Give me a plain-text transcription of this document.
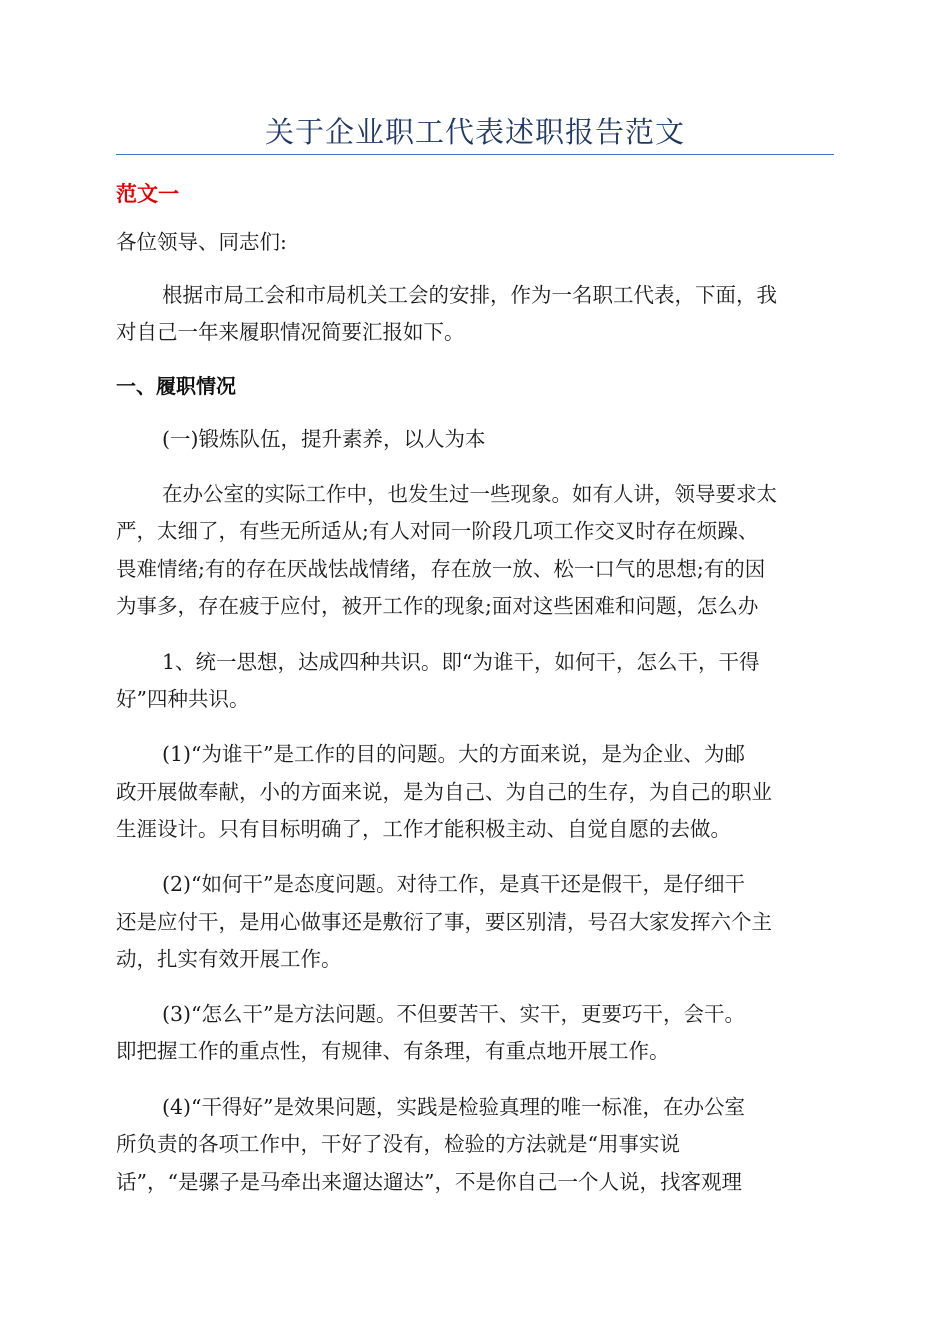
关于企业职工代表述职报告范文
范文一
各位领导、同志们:
根据市局工会和市局机关工会的安排，作为一名职工代表，下面，我
对自己一年来履职情况简要汇报如下。
一、履职情况
(一)锻炼队伍，提升素养，以人为本
在办公室的实际工作中，也发生过一些现象。如有人讲，领导要求太
严，太细了，有些无所适从;有人对同一阶段几项工作交叉时存在烦躁、
畏难情绪;有的存在厌战怯战情绪，存在放一放、松一口气的思想;有的因
为事多，存在疲于应付，被开工作的现象;面对这些困难和问题，怎么办
1、统一思想，达成四种共识。即“为谁干，如何干，怎么干，干得
好”四种共识。
(1)“为谁干”是工作的目的问题。大的方面来说，是为企业、为邮
政开展做奉献，小的方面来说，是为自己、为自己的生存，为自己的职业
生涯设计。只有目标明确了，工作才能积极主动、自觉自愿的去做。
(2)“如何干”是态度问题。对待工作，是真干还是假干，是仔细干
还是应付干，是用心做事还是敷衍了事，要区别清，号召大家发挥六个主
动，扎实有效开展工作。
(3)“怎么干”是方法问题。不但要苦干、实干，更要巧干，会干。
即把握工作的重点性，有规律、有条理，有重点地开展工作。
(4)“干得好”是效果问题，实践是检验真理的唯一标准，在办公室
所负责的各项工作中，干好了没有，检验的方法就是“用事实说
话”，“是骡子是马牵出来遛达遛达”，不是你自己一个人说，找客观理
